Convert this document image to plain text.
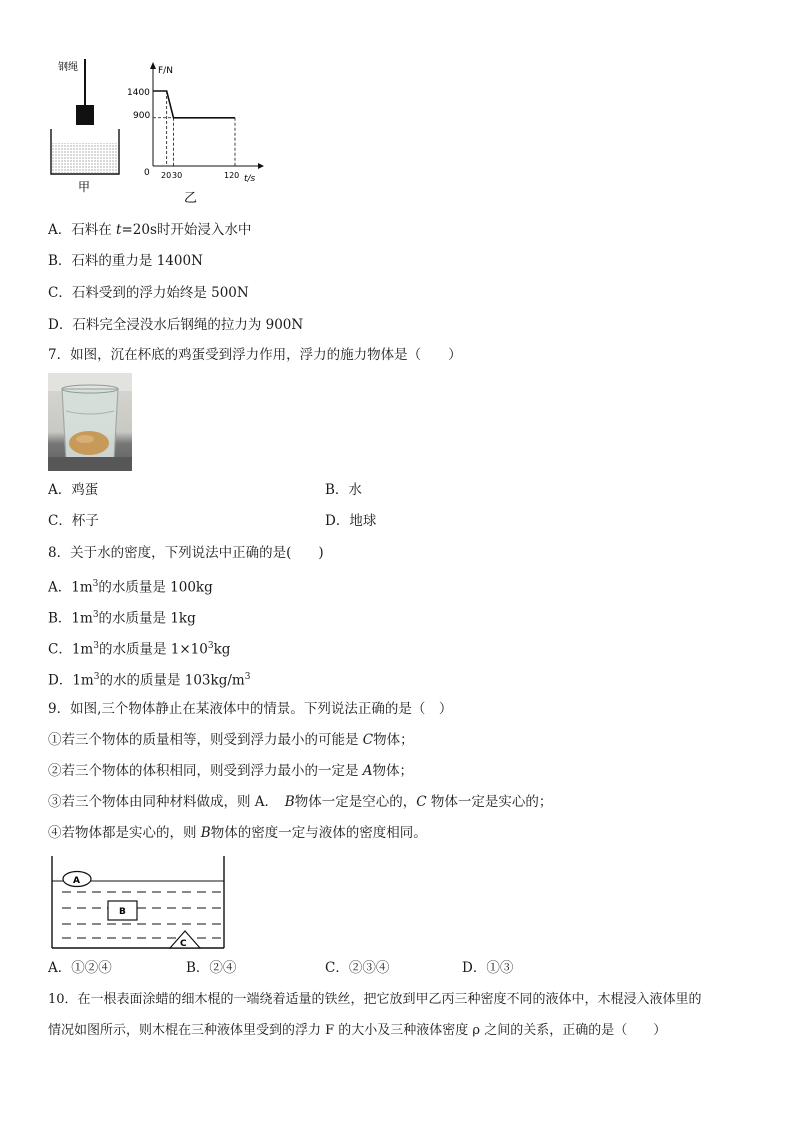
钢绳
甲
F/N
t/s
0
1400
900
20 30	120
乙
A．石料在 t=20s时开始浸入水中
B．石料的重力是 1400N
C．石料受到的浮力始终是 500N
D．石料完全浸没水后钢绳的拉力为 900N
7．如图，沉在杯底的鸡蛋受到浮力作用，浮力的施力物体是（　　）
A．鸡蛋	B．水
C．杯子	D．地球
8．关于水的密度，下列说法中正确的是(　　)
A．$1m^3$的水质量是 100kg
B．$1m^3$的水质量是 1kg
C．$1m^3$的水质量是 $1\times 10^3kg$
D．$1m^3$的水的质量是 $103kg/m^3$
9．如图,三个物体静止在某液体中的情景。下列说法正确的是（　）
①若三个物体的质量相等，则受到浮力最小的可能是 C物体；
②若三个物体的体积相同，则受到浮力最小的一定是 A物体；
③若三个物体由同种材料做成，则 A．　B物体一定是空心的，C 物体一定是实心的；
④若物体都是实心的，则 B物体的密度一定与液体的密度相同。
A
B
C
A．①②④	B．②④	C．②③④	D．①③
10．在一根表面涂蜡的细木棍的一端绕着适量的铁丝，把它放到甲乙丙三种密度不同的液体中，木棍浸入液体里的
情况如图所示，则木棍在三种液体里受到的浮力 F 的大小及三种液体密度 ρ 之间的关系，正确的是（　　）
